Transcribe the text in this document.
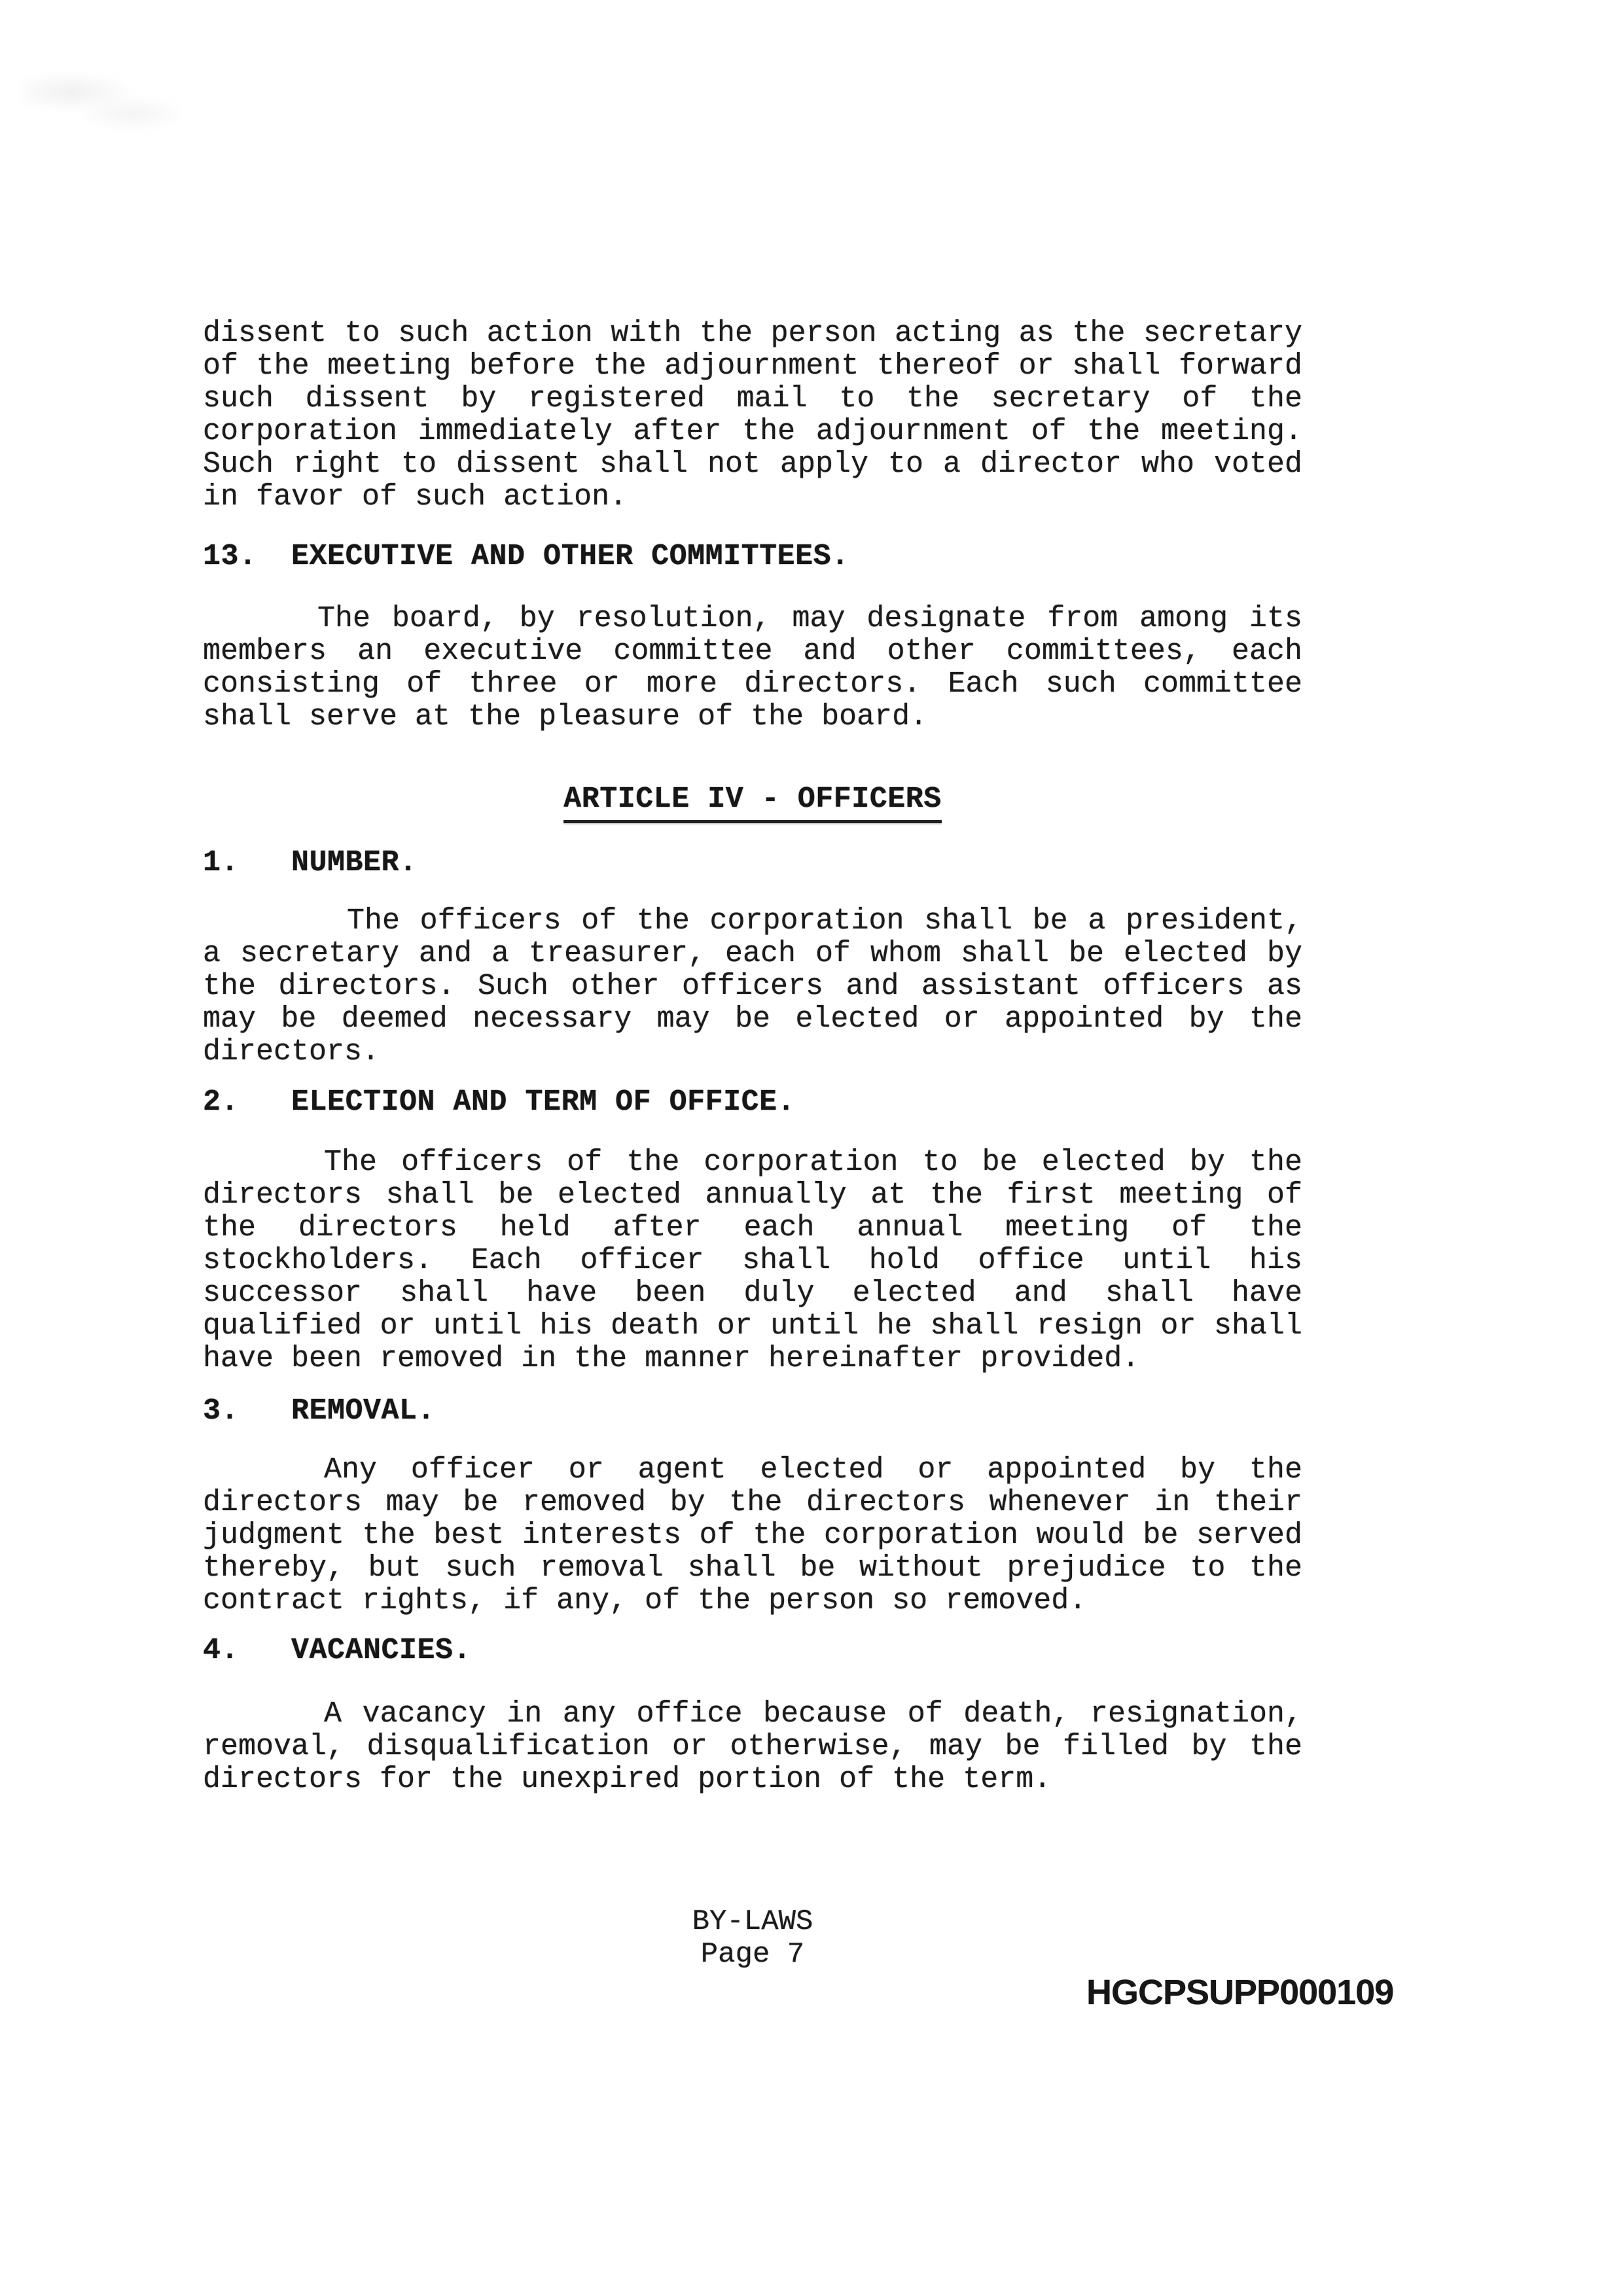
dissent to such action with the person acting as the secretary
of the meeting before the adjournment thereof or shall forward
such dissent by registered mail to the secretary of the
corporation immediately after the adjournment of the meeting.
Such right to dissent shall not apply to a director who voted
in favor of such action.
13. EXECUTIVE AND OTHER COMMITTEES.
The board, by resolution, may designate from among its
members an executive committee and other committees, each
consisting of three or more directors. Each such committee
shall serve at the pleasure of the board.
ARTICLE IV - OFFICERS
1. NUMBER.
The officers of the corporation shall be a president,
a secretary and a treasurer, each of whom shall be elected by
the directors. Such other officers and assistant officers as
may be deemed necessary may be elected or appointed by the
directors.
2. ELECTION AND TERM OF OFFICE.
The officers of the corporation to be elected by the
directors shall be elected annually at the first meeting of
the directors held after each annual meeting of the
stockholders. Each officer shall hold office until his
successor shall have been duly elected and shall have
qualified or until his death or until he shall resign or shall
have been removed in the manner hereinafter provided.
3. REMOVAL.
Any officer or agent elected or appointed by the
directors may be removed by the directors whenever in their
judgment the best interests of the corporation would be served
thereby, but such removal shall be without prejudice to the
contract rights, if any, of the person so removed.
4. VACANCIES.
A vacancy in any office because of death, resignation,
removal, disqualification or otherwise, may be filled by the
directors for the unexpired portion of the term.
BY-LAWS
Page 7
HGCPSUPP000109
